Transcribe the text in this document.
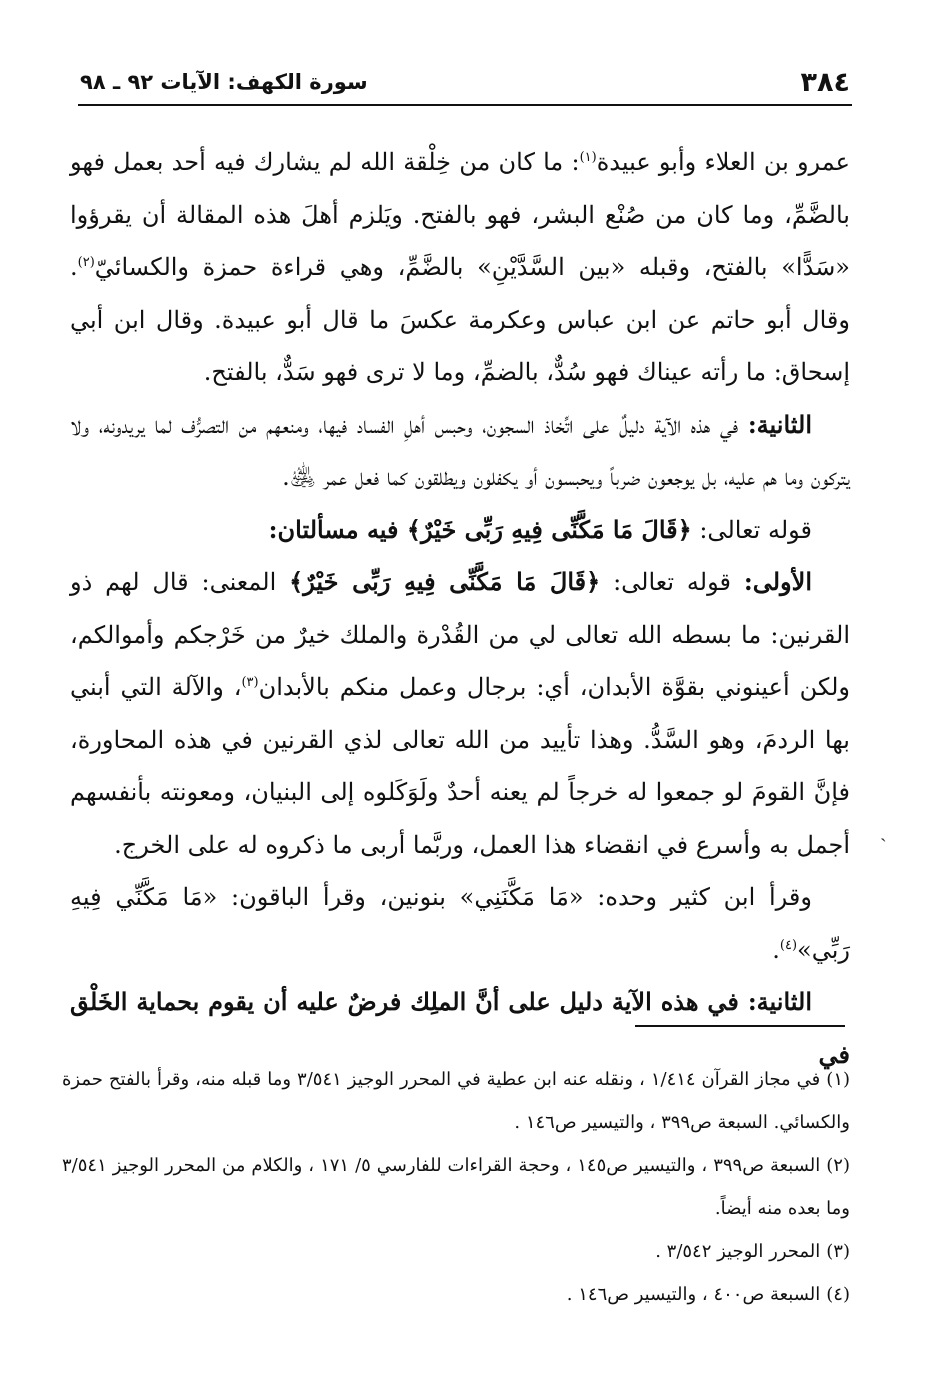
٣٨٤
سورة الكهف: الآيات ٩٢ ـ ٩٨

عمرو بن العلاء وأبو عبيدة$^{(١)}$: ما كان من خِلْقة الله لم يشارك فيه أحد بعمل فهو بالضَّمِّ، وما كان من صُنْع البشر، فهو بالفتح. ويَلزم أهلَ هذه المقالة أن يقرؤوا «سَدًّا» بالفتح، وقبله «بين السَّدَّيْنِ» بالضَّمِّ، وهي قراءة حمزة والكسائيّ$^{(٢)}$. وقال أبو حاتم عن ابن عباس وعكرمة عكسَ ما قال أبو عبيدة. وقال ابن أبي إسحاق: ما رأته عيناك فهو سُدٌّ، بالضمِّ، وما لا ترى فهو سَدٌّ، بالفتح.

الثانية: في هذه الآية دليلٌ على اتِّخاذ السجون، وحبس أهلِ الفساد فيها، ومنعهم من التصرُّف لما يريدونه، ولا يتركون وما هم عليه، بل يوجعون ضرباً ويحبسون أو يكفلون ويطلقون كما فعل عمر ﵁.

قوله تعالى: ﴿قَالَ مَا مَكَّنِّى فِيهِ رَبِّى خَيْرٌ﴾ فيه مسألتان:

الأولى: قوله تعالى: ﴿قَالَ مَا مَكَّنِّى فِيهِ رَبِّى خَيْرٌ﴾ المعنى: قال لهم ذو القرنين: ما بسطه الله تعالى لي من القُدْرة والملك خيرٌ من خَرْجكم وأموالكم، ولكن أعينوني بقوَّة الأبدان، أي: برجال وعمل منكم بالأبدان$^{(٣)}$، والآلة التي أبني بها الردمَ، وهو السَّدُّ. وهذا تأييد من الله تعالى لذي القرنين في هذه المحاورة، فإنَّ القومَ لو جمعوا له خرجاً لم يعنه أحدٌ ولَوَكَلوه إلى البنيان، ومعونته بأنفسهم أجمل به وأسرع في انقضاء هذا العمل، وربَّما أربى ما ذكروه له على الخرج.

وقرأ ابن كثير وحده: «مَا مَكَّنَنِي» بنونين، وقرأ الباقون: «مَا مَكَّنِّي فِيهِ رَبِّي»$^{(٤)}$.

الثانية: في هذه الآية دليل على أنَّ الملِك فرضٌ عليه أن يقوم بحماية الخَلْق في

ˏ

(١)في مجاز القرآن ١/٤١٤ ، ونقله عنه ابن عطية في المحرر الوجيز ٣/٥٤١ وما قبله منه، وقرأ بالفتح حمزة والكسائي. السبعة ص٣٩٩ ، والتيسير ص١٤٦ .

(٢)السبعة ص٣٩٩ ، والتيسير ص١٤٥ ، وحجة القراءات للفارسي ٥/ ١٧١ ، والكلام من المحرر الوجيز ٣/٥٤١ وما بعده منه أيضاً.

(٣)المحرر الوجيز ٣/٥٤٢ .

(٤)السبعة ص٤٠٠ ، والتيسير ص١٤٦ .
